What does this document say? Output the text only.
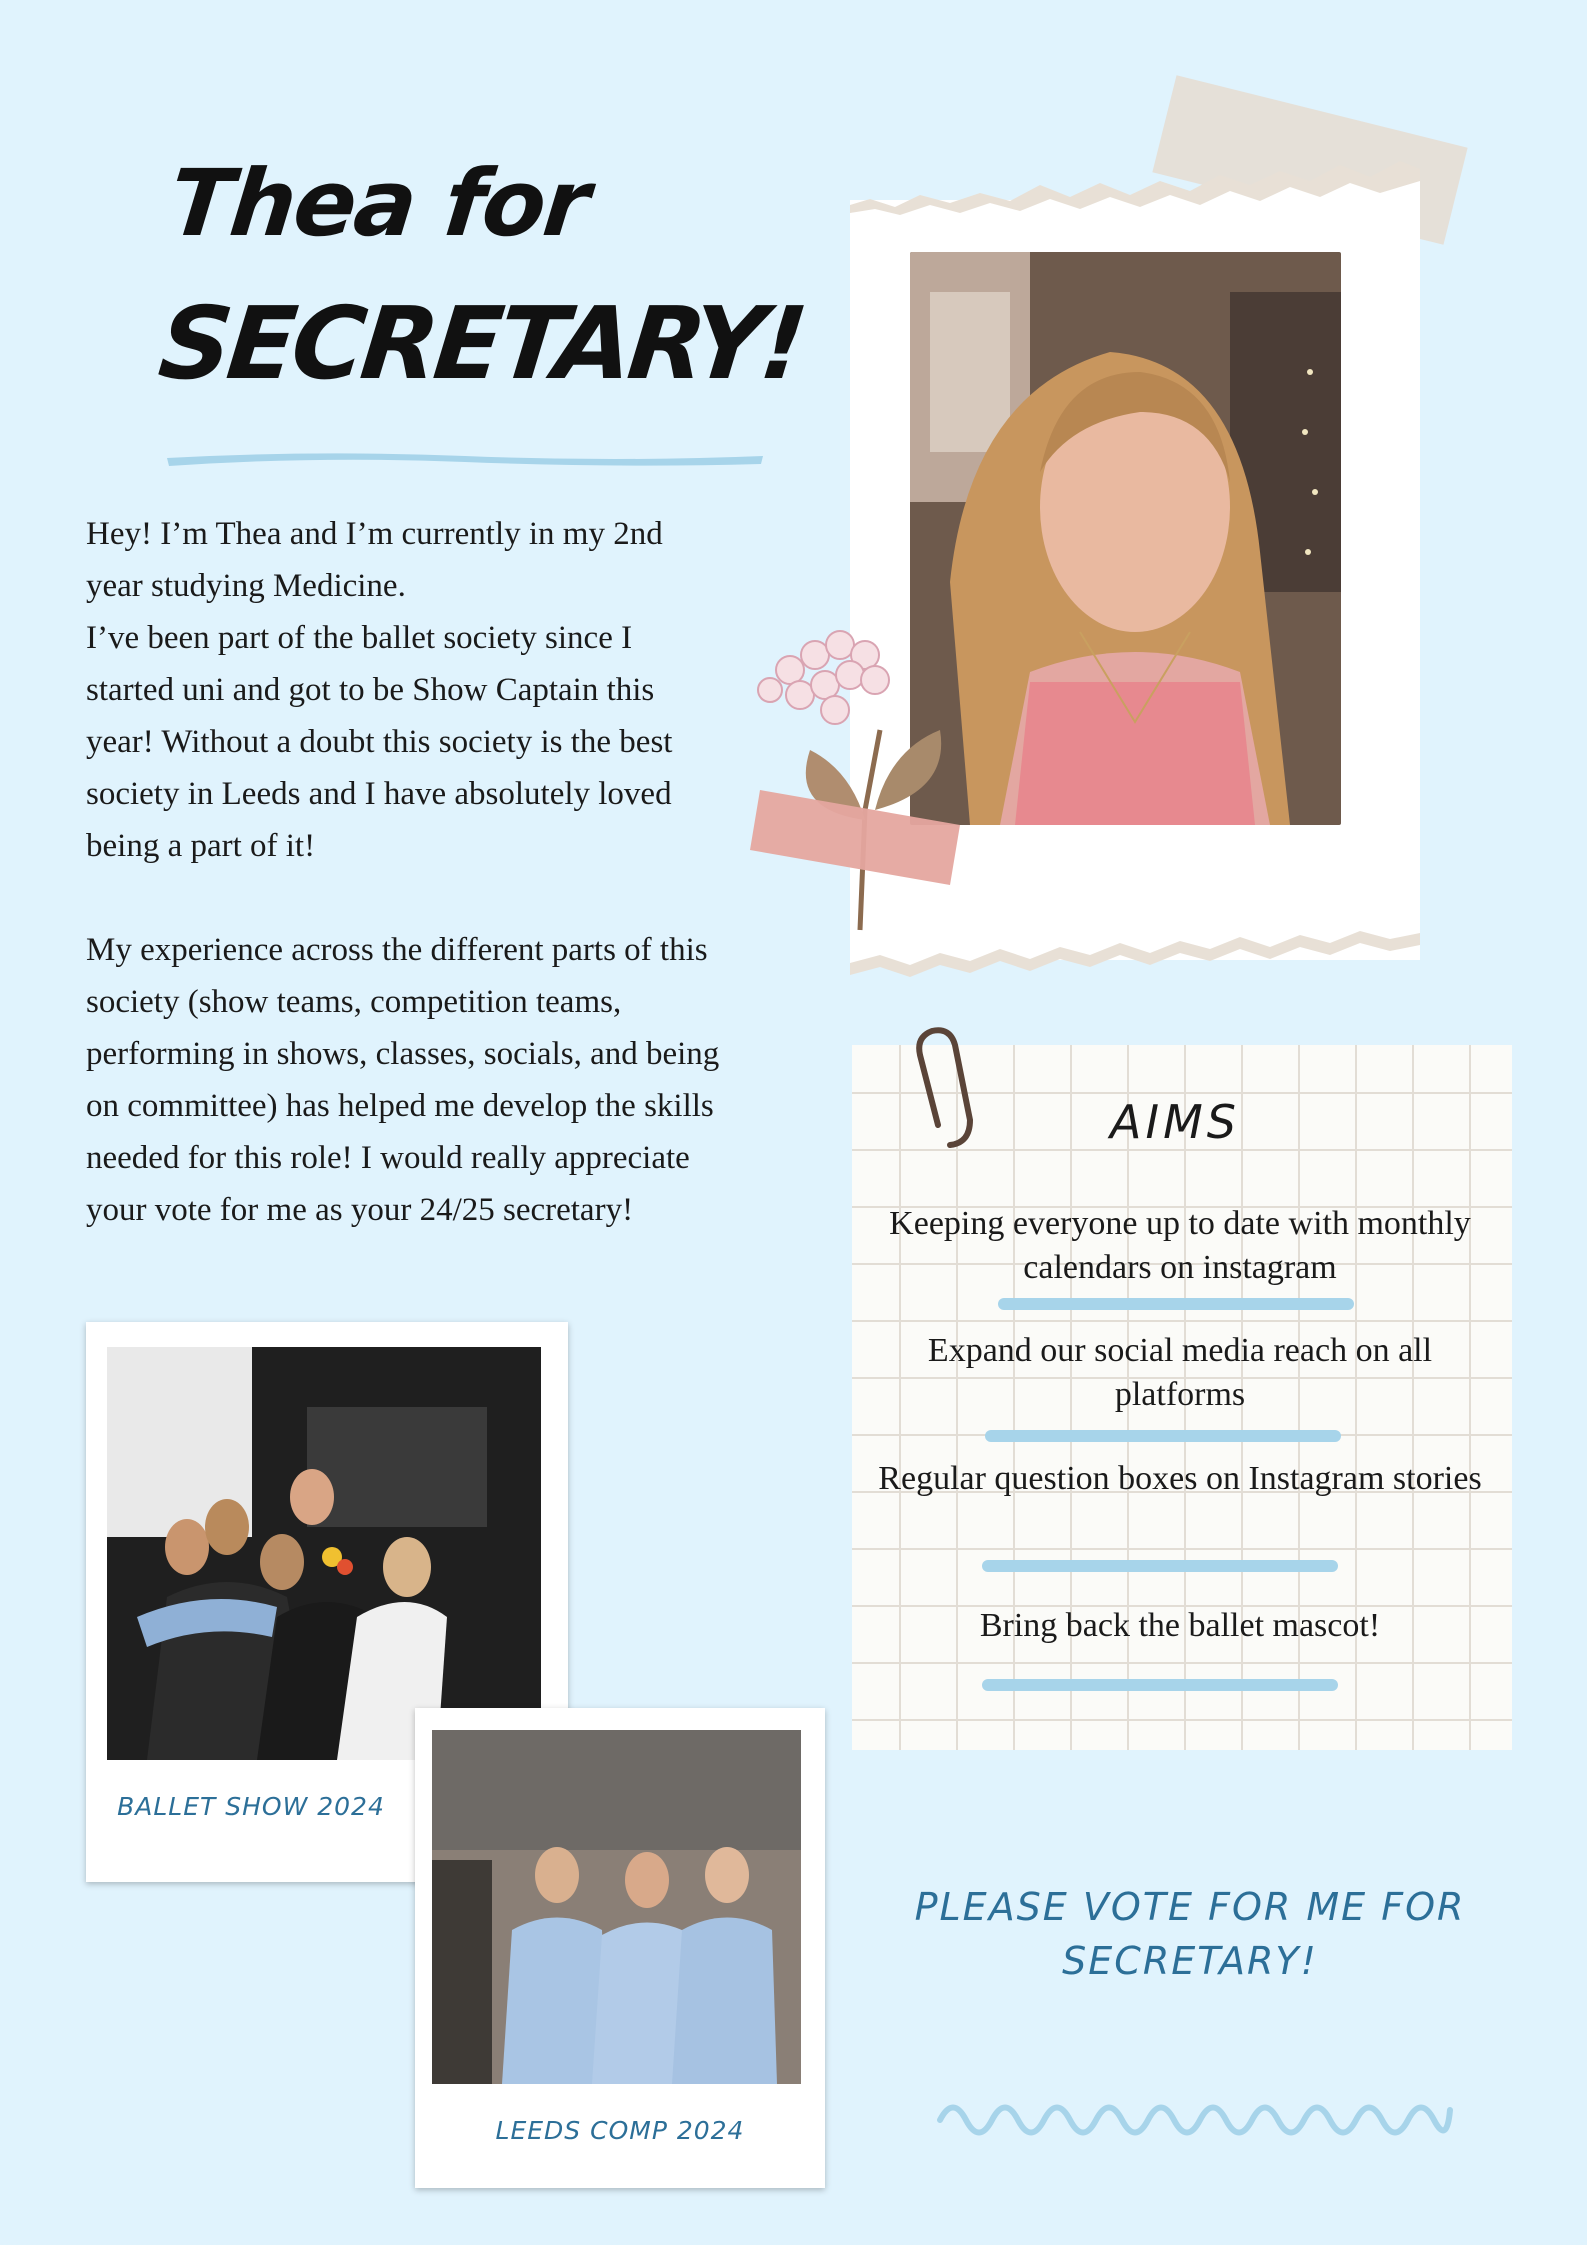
Thea for
SECRETARY!

Hey! I’m Thea and I’m currently in my 2nd year studying Medicine.

I’ve been part of the ballet society since I started uni and got to be Show Captain this year! Without a doubt this society is the best society in Leeds and I have absolutely loved being a part of it!

My experience across the different parts of this society (show teams, competition teams, performing in shows, classes, socials, and being on committee) has helped me develop the skills needed for this role! I would really appreciate your vote for me as your 24/25 secretary!

AIMS
Keeping everyone up to date with monthly calendars on instagram
Expand our social media reach on all platforms
Regular question boxes on Instagram stories
Bring back the ballet mascot!
BALLET SHOW 2024
LEEDS COMP 2024
PLEASE VOTE FOR ME FOR
SECRETARY!
